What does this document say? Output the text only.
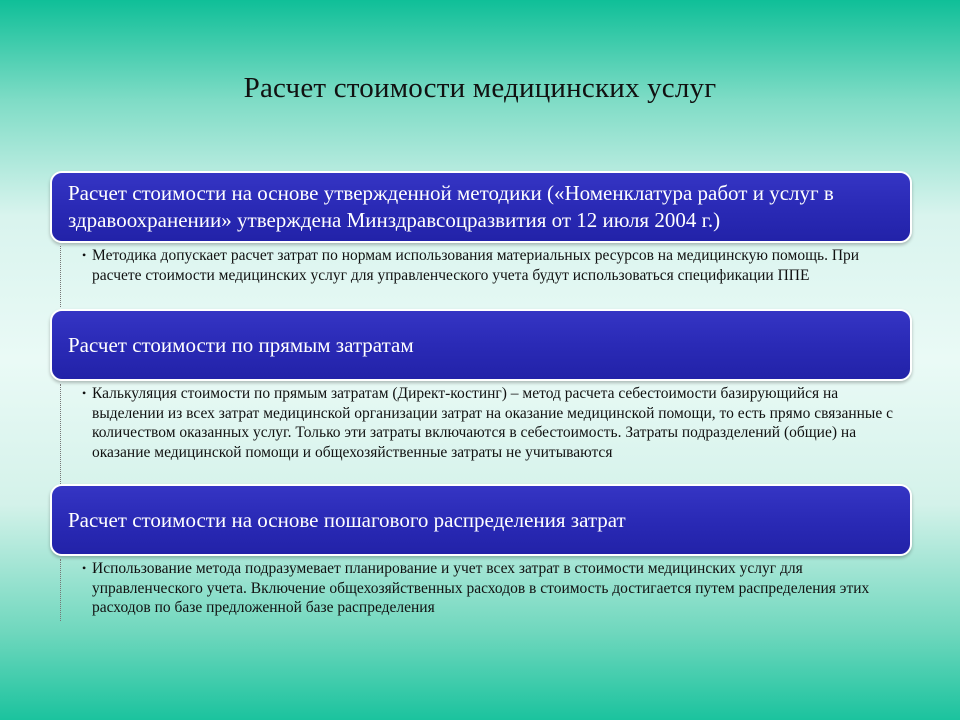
Расчет стоимости медицинских услуг
Расчет стоимости на основе утвержденной методики («Номенклатура работ и услуг в здравоохранении» утверждена Минздравсоцразвития от 12 июля 2004 г.)
• Методика допускает расчет затрат по нормам использования материальных ресурсов на медицинскую помощь. При расчете стоимости медицинских услуг для управленческого учета будут использоваться спецификации ППЕ
Расчет стоимости по прямым затратам
• Калькуляция стоимости по прямым затратам (Директ-костинг) – метод расчета себестоимости базирующийся на выделении из всех затрат медицинской организации затрат на оказание медицинской помощи, то есть прямо связанные с количеством оказанных услуг. Только эти затраты включаются в себестоимость. Затраты подразделений (общие) на оказание медицинской помощи и общехозяйственные затраты не учитываются
Расчет стоимости на основе пошагового распределения затрат
• Использование метода подразумевает планирование и учет всех затрат в стоимости медицинских услуг для управленческого учета. Включение общехозяйственных расходов в стоимость достигается путем распределения этих расходов по базе предложенной базе распределения
